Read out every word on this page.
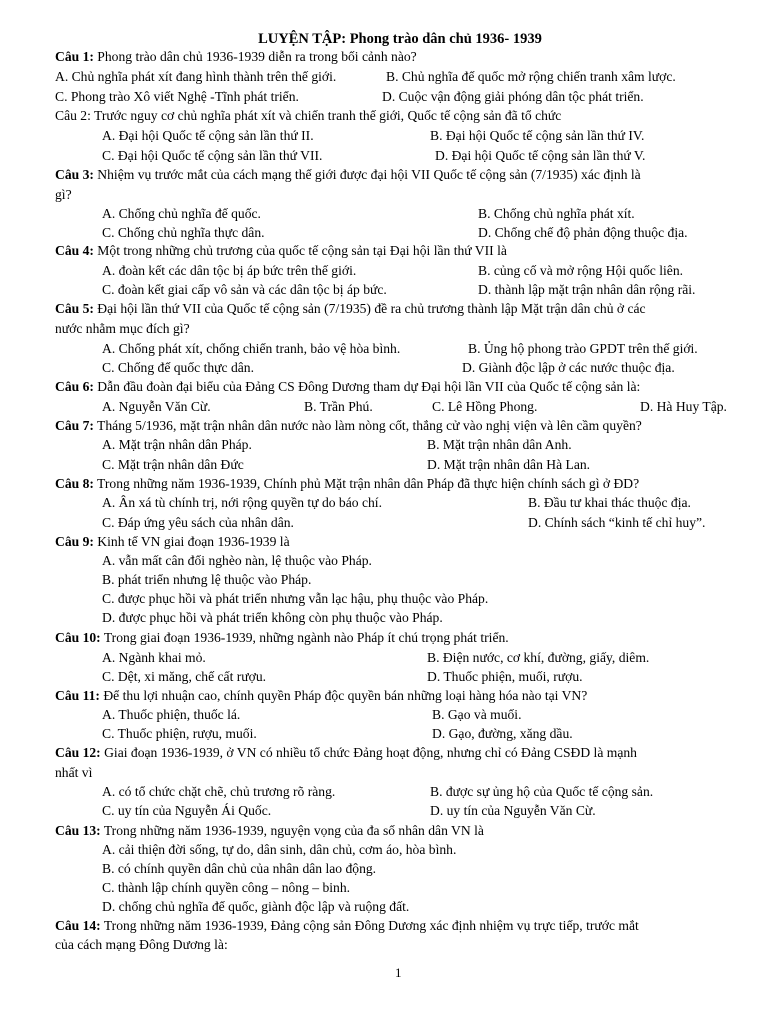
LUYỆN TẬP: Phong trào dân chủ 1936- 1939
Câu 1: Phong trào dân chủ 1936-1939 diễn ra trong bối cảnh nào?
A. Chủ nghĩa phát xít đang hình thành trên thế giới.	B. Chủ nghĩa đế quốc mở rộng chiến tranh xâm lược.
C. Phong trào Xô viết Nghệ -Tĩnh phát triển.	D. Cuộc vận động giải phóng dân tộc phát triển.
Câu 2: Trước nguy cơ chủ nghĩa phát xít và chiến tranh thế giới, Quốc tế cộng sản đã tổ chức
A. Đại hội Quốc tế cộng sản lần thứ II.	B. Đại hội Quốc tế cộng sản lần thứ IV.
C. Đại hội Quốc tế cộng sản lần thứ VII.	D. Đại hội Quốc tế cộng sản lần thứ V.
Câu 3: Nhiệm vụ trước mắt của cách mạng thế giới được đại hội VII Quốc tế cộng sản (7/1935) xác định là
gì?
A. Chống chủ nghĩa đế quốc.	B. Chống chủ nghĩa phát xít.
C. Chống chủ nghĩa thực dân.	D. Chống chế độ phản động thuộc địa.
Câu 4: Một trong những chủ trương của quốc tế cộng sản tại Đại hội lần thứ VII là
A. đoàn kết các dân tộc bị áp bức trên thế giới.	B. củng cố và mở rộng Hội quốc liên.
C. đoàn kết giai cấp vô sản và các dân tộc bị áp bức.	D. thành lập mặt trận nhân dân rộng rãi.
Câu 5: Đại hội lần thứ VII của Quốc tế cộng sản (7/1935) đề ra chủ trương thành lập Mặt trận dân chủ ở các
nước nhằm mục đích gì?
A. Chống phát xít, chống chiến tranh, bảo vệ hòa bình.	B. Ủng hộ phong trào GPDT trên thế giới.
C. Chống đế quốc thực dân.	D. Giành độc lập ở các nước thuộc địa.
Câu 6: Dẫn đầu đoàn đại biểu của Đảng CS Đông Dương tham dự Đại hội lần VII của Quốc tế cộng sản là:
A. Nguyễn Văn Cừ.	B. Trần Phú.	C. Lê Hồng Phong.	D. Hà Huy Tập.
Câu 7: Tháng 5/1936, mặt trận nhân dân nước nào làm nòng cốt, thắng cử vào nghị viện và lên cầm quyền?
A. Mặt trận nhân dân Pháp.	B. Mặt trận nhân dân Anh.
C. Mặt trận nhân dân Đức	D. Mặt trận nhân dân Hà Lan.
Câu 8: Trong những năm 1936-1939, Chính phủ Mặt trận nhân dân Pháp đã thực hiện chính sách gì ở ĐD?
A. Ân xá tù chính trị, nới rộng quyền tự do báo chí.	B. Đầu tư khai thác thuộc địa.
C. Đáp ứng yêu sách của nhân dân.	D. Chính sách “kinh tế chỉ huy”.
Câu 9: Kinh tế VN giai đoạn 1936-1939 là
A. vẫn mất cân đối nghèo nàn, lệ thuộc vào Pháp.
B. phát triển nhưng lệ thuộc vào Pháp.
C. được phục hồi và phát triển nhưng vẫn lạc hậu, phụ thuộc vào Pháp.
D. được phục hồi và phát triển không còn phụ thuộc vào Pháp.
Câu 10: Trong giai đoạn 1936-1939, những ngành nào Pháp ít chú trọng phát triển.
A. Ngành khai mỏ.	B. Điện nước, cơ khí, đường, giấy, diêm.
C. Dệt, xi măng, chế cất rượu.	D. Thuốc phiện, muối, rượu.
Câu 11: Để thu lợi nhuận cao, chính quyền Pháp độc quyền bán những loại hàng hóa nào tại VN?
A. Thuốc phiện, thuốc lá.	B. Gạo và muối.
C. Thuốc phiện, rượu, muối.	D. Gạo, đường, xăng dầu.
Câu 12: Giai đoạn 1936-1939, ở VN có nhiều tổ chức Đảng hoạt động, nhưng chỉ có Đảng CSĐD là mạnh
nhất vì
A. có tổ chức chặt chẽ, chủ trương rõ ràng.	B. được sự ủng hộ của Quốc tế cộng sản.
C. uy tín của Nguyễn Ái Quốc.	D. uy tín của Nguyễn Văn Cừ.
Câu 13: Trong những năm 1936-1939, nguyện vọng của đa số nhân dân VN là
A. cải thiện đời sống, tự do, dân sinh, dân chủ, cơm áo, hòa bình.
B. có chính quyền dân chủ của nhân dân lao động.
C. thành lập chính quyền công – nông – binh.
D. chống chủ nghĩa đế quốc, giành độc lập và ruộng đất.
Câu 14: Trong những năm 1936-1939, Đảng cộng sản Đông Dương xác định nhiệm vụ trực tiếp, trước mắt
của cách mạng Đông Dương là:
1
